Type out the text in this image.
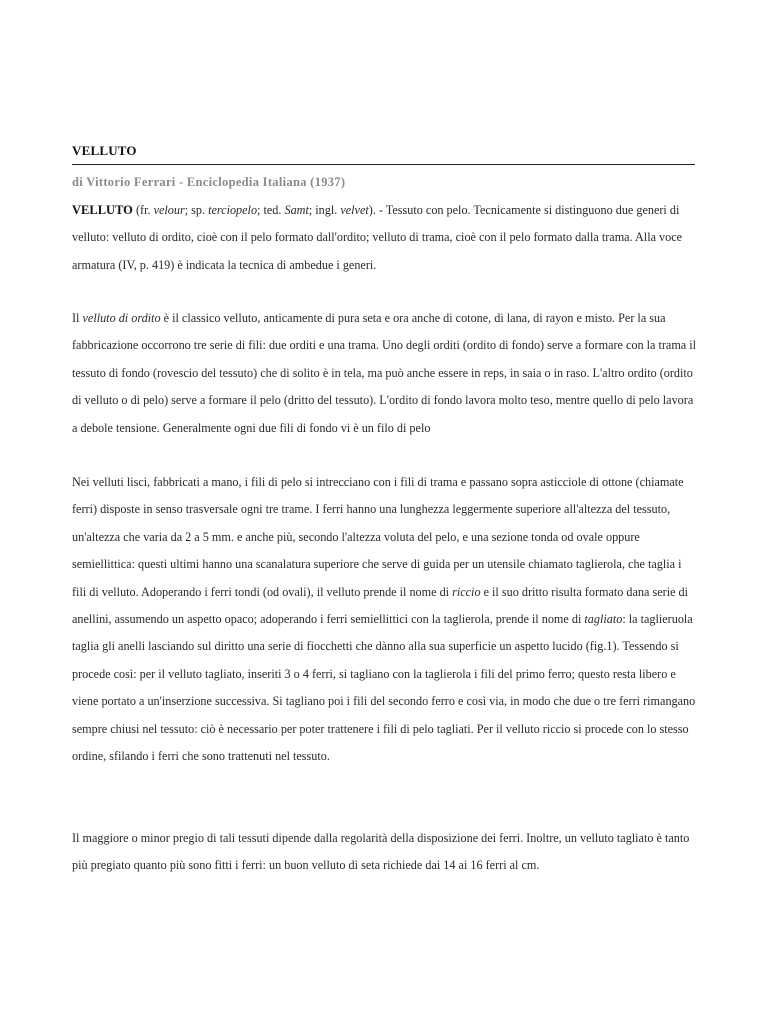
VELLUTO
di Vittorio Ferrari - Enciclopedia Italiana (1937)
VELLUTO (fr. velour; sp. terciopelo; ted. Samt; ingl. velvet). - Tessuto con pelo. Tecnicamente si distinguono due generi di velluto: velluto di ordito, cioè con il pelo formato dall'ordito; velluto di trama, cioè con il pelo formato dalla trama. Alla voce armatura (IV, p. 419) è indicata la tecnica di ambedue i generi.
Il velluto di ordito è il classico velluto, anticamente di pura seta e ora anche di cotone, di lana, di rayon e misto. Per la sua fabbricazione occorrono tre serie di fili: due orditi e una trama. Uno degli orditi (ordito di fondo) serve a formare con la trama il tessuto di fondo (rovescio del tessuto) che di solito è in tela, ma può anche essere in reps, in saia o in raso. L'altro ordito (ordito di velluto o di pelo) serve a formare il pelo (dritto del tessuto). L'ordito di fondo lavora molto teso, mentre quello di pelo lavora a debole tensione. Generalmente ogni due fili di fondo vi è un filo di pelo
Nei velluti lisci, fabbricati a mano, i fili di pelo si intrecciano con i fili di trama e passano sopra asticciole di ottone (chiamate ferri) disposte in senso trasversale ogni tre trame. I ferri hanno una lunghezza leggermente superiore all'altezza del tessuto, un'altezza che varia da 2 a 5 mm. e anche più, secondo l'altezza voluta del pelo, e una sezione tonda od ovale oppure semiellittica: questi ultimi hanno una scanalatura superiore che serve di guida per un utensile chiamato taglierola, che taglia i fili di velluto. Adoperando i ferri tondi (od ovali), il velluto prende il nome di riccio e il suo dritto risulta formato dana serie di anellini, assumendo un aspetto opaco; adoperando i ferri semiellittici con la taglierola, prende il nome di tagliato: la taglieruola taglia gli anelli lasciando sul diritto una serie di fiocchetti che dànno alla sua superficie un aspetto lucido (fig.1). Tessendo si procede così: per il velluto tagliato, inseriti 3 o 4 ferri, si tagliano con la taglierola i fili del primo ferro; questo resta libero e viene portato a un'inserzione successiva. Si tagliano poi i fili del secondo ferro e così via, in modo che due o tre ferri rimangano sempre chiusi nel tessuto: ciò è necessario per poter trattenere i fili di pelo tagliati. Per il velluto riccio si procede con lo stesso ordine, sfilando i ferri che sono trattenuti nel tessuto.
Il maggiore o minor pregio di tali tessuti dipende dalla regolarità della disposizione dei ferri. Inoltre, un velluto tagliato è tanto più pregiato quanto più sono fitti i ferri: un buon velluto di seta richiede dai 14 ai 16 ferri al cm.
